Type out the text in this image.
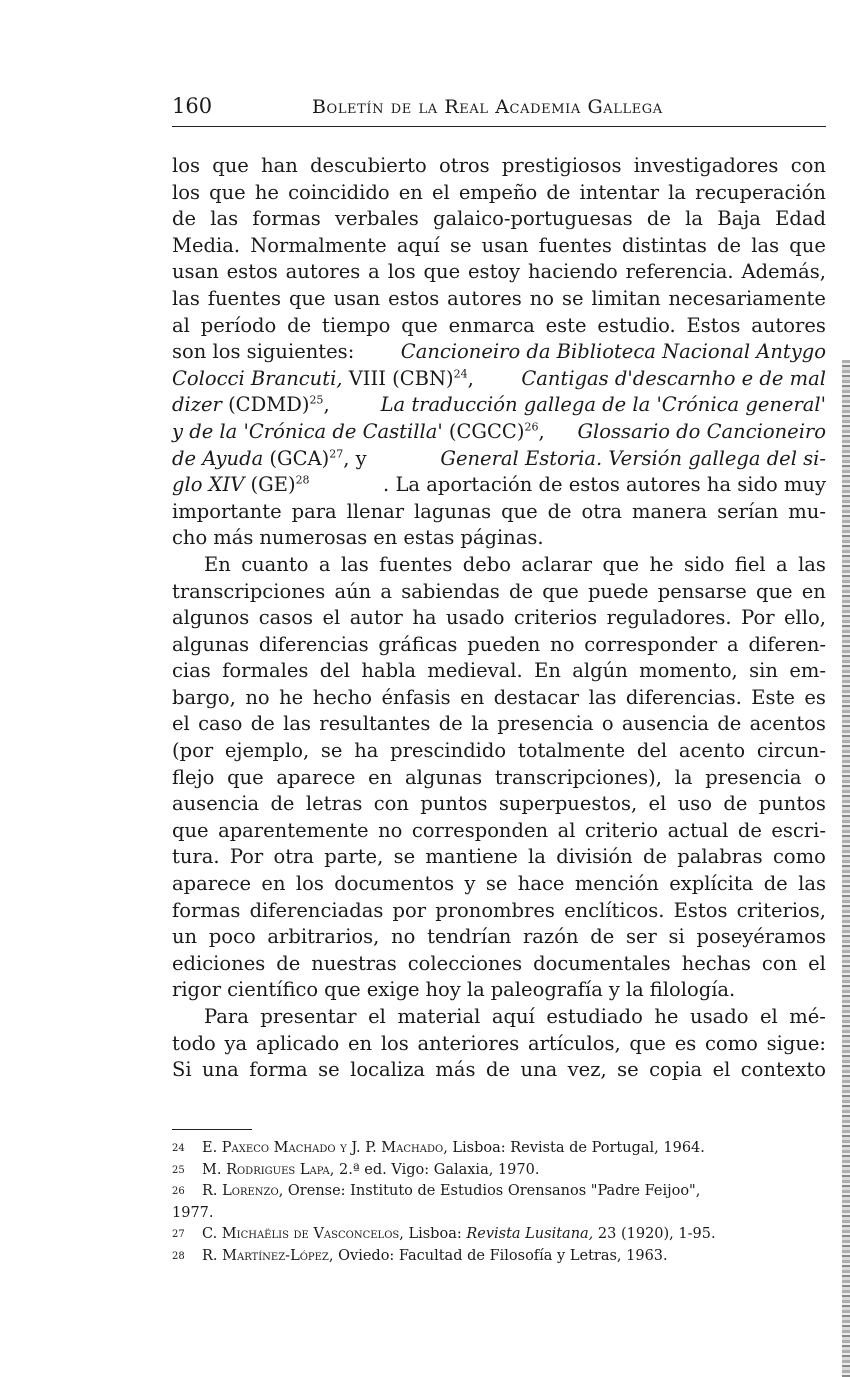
160	Boletín de la Real Academia Gallega
los que han descubierto otros prestigiosos investigadores con
los que he coincidido en el empeño de intentar la recuperación
de las formas verbales galaico-portuguesas de la Baja Edad
Media. Normalmente aquí se usan fuentes distintas de las que
usan estos autores a los que estoy haciendo referencia. Además,
las fuentes que usan estos autores no se limitan necesariamente
al período de tiempo que enmarca este estudio. Estos autores
son los siguientes: Cancioneiro da Biblioteca Nacional Antygo
Colocci Brancuti, VIII (CBN)$^{24}$, Cantigas d'descarnho e de mal
dizer (CDMD)$^{25}$,	La traducción gallega de la 'Crónica general'
y de la 'Crónica de Castilla' (CGCC)$^{26}$, Glossario do Cancioneiro
de Ayuda (GCA)$^{27}$, y	General Estoria. Versión gallega del si-
glo XIV (GE)$^{28}$	. La aportación de estos autores ha sido muy
importante para llenar lagunas que de otra manera serían mu-
cho más numerosas en estas páginas.
En cuanto a las fuentes debo aclarar que he sido fiel a las
transcripciones aún a sabiendas de que puede pensarse que en
algunos casos el autor ha usado criterios reguladores. Por ello,
algunas diferencias gráficas pueden no corresponder a diferen-
cias formales del habla medieval. En algún momento, sin em-
bargo, no he hecho énfasis en destacar las diferencias. Este es
el caso de las resultantes de la presencia o ausencia de acentos
(por ejemplo, se ha prescindido totalmente del acento circun-
flejo que aparece en algunas transcripciones), la presencia o
ausencia de letras con puntos superpuestos, el uso de puntos
que aparentemente no corresponden al criterio actual de escri-
tura. Por otra parte, se mantiene la división de palabras como
aparece en los documentos y se hace mención explícita de las
formas diferenciadas por pronombres enclíticos. Estos criterios,
un poco arbitrarios, no tendrían razón de ser si poseyéramos
ediciones de nuestras colecciones documentales hechas con el
rigor científico que exige hoy la paleografía y la filología.
Para presentar el material aquí estudiado he usado el mé-
todo ya aplicado en los anteriores artículos, que es como sigue:
Si una forma se localiza más de una vez, se copia el contexto
24	E. Paxeco Machado y J. P. Machado, Lisboa: Revista de Portugal, 1964.
25	M. Rodrigues Lapa, 2.ª ed. Vigo: Galaxia, 1970.
26	R. Lorenzo, Orense: Instituto de Estudios Orensanos "Padre Feijoo",
1977.
27	C. Michaëlis de Vasconcelos, Lisboa: Revista Lusitana, 23 (1920), 1-95.
28	R. Martínez-López, Oviedo: Facultad de Filosofía y Letras, 1963.
